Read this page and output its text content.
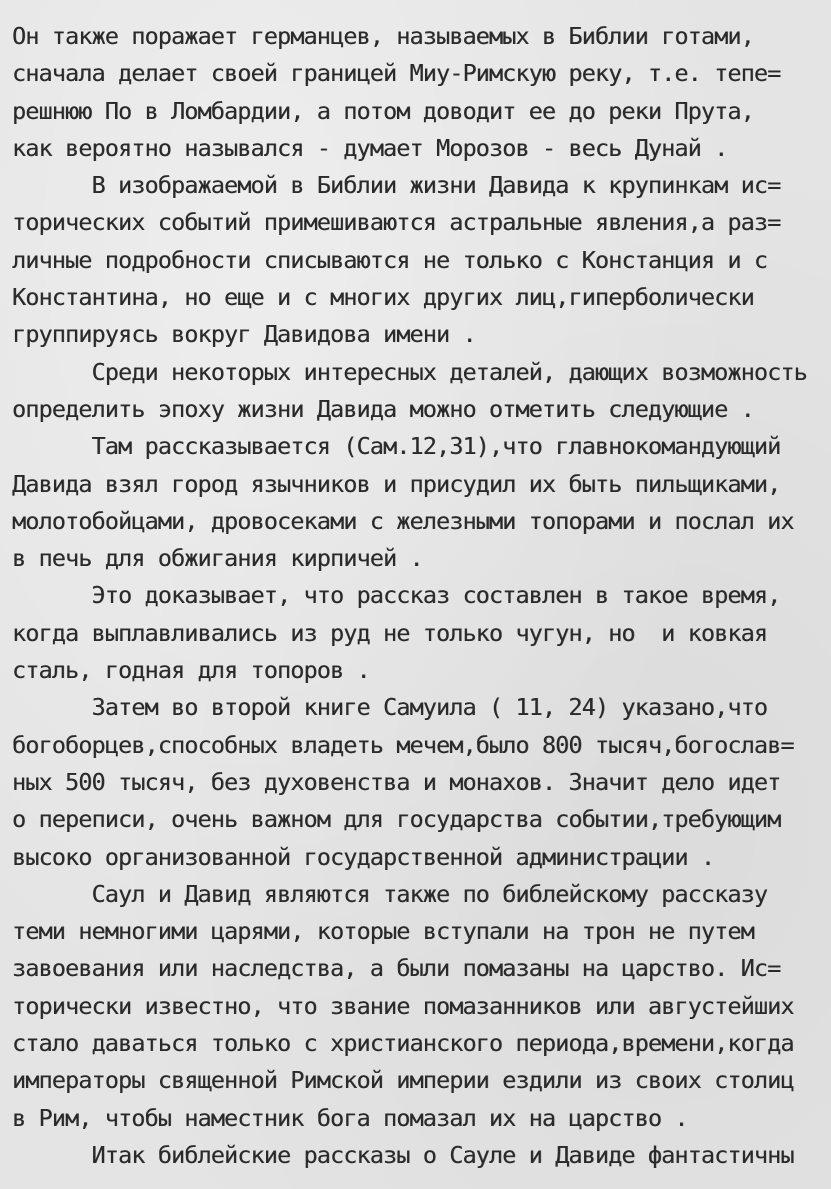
Он также поражает германцев, называемых в Библии готами,
сначала делает своей границей Миу-Римскую реку, т.е. тепе=
решнюю По в Ломбардии, а потом доводит ее до реки Прута,
как вероятно назывался - думает Морозов - весь Дунай .
В изображаемой в Библии жизни Давида к крупинкам ис=
торических событий примешиваются астральные явления,а раз=
личные подробности списываются не только с Констанция и с
Константина, но еще и с многих других лиц,гиперболически
группируясь вокруг Давидова имени .
Среди некоторых интересных деталей, дающих возможность
определить эпоху жизни Давида можно отметить следующие .
Там рассказывается (Сам.12,31),что главнокомандующий
Давида взял город язычников и присудил их быть пильщиками,
молотобойцами, дровосеками с железными топорами и послал их
в печь для обжигания кирпичей .
Это доказывает, что рассказ составлен в такое время,
когда выплавливались из руд не только чугун, но  и ковкая
сталь, годная для топоров .
Затем во второй книге Самуила ( 11, 24) указано,что
богоборцев,способных владеть мечем,было 800 тысяч,богослав=
ных 500 тысяч, без духовенства и монахов. Значит дело идет
о переписи, очень важном для государства событии,требующим
высоко организованной государственной администрации .
Саул и Давид являются также по библейскому рассказу
теми немногими царями, которые вступали на трон не путем
завоевания или наследства, а были помазаны на царство. Ис=
торически известно, что звание помазанников или августейших
стало даваться только с христианского периода,времени,когда
императоры священной Римской империи ездили из своих столиц
в Рим, чтобы наместник бога помазал их на царство .
Итак библейские рассказы о Сауле и Давиде фантастичны
